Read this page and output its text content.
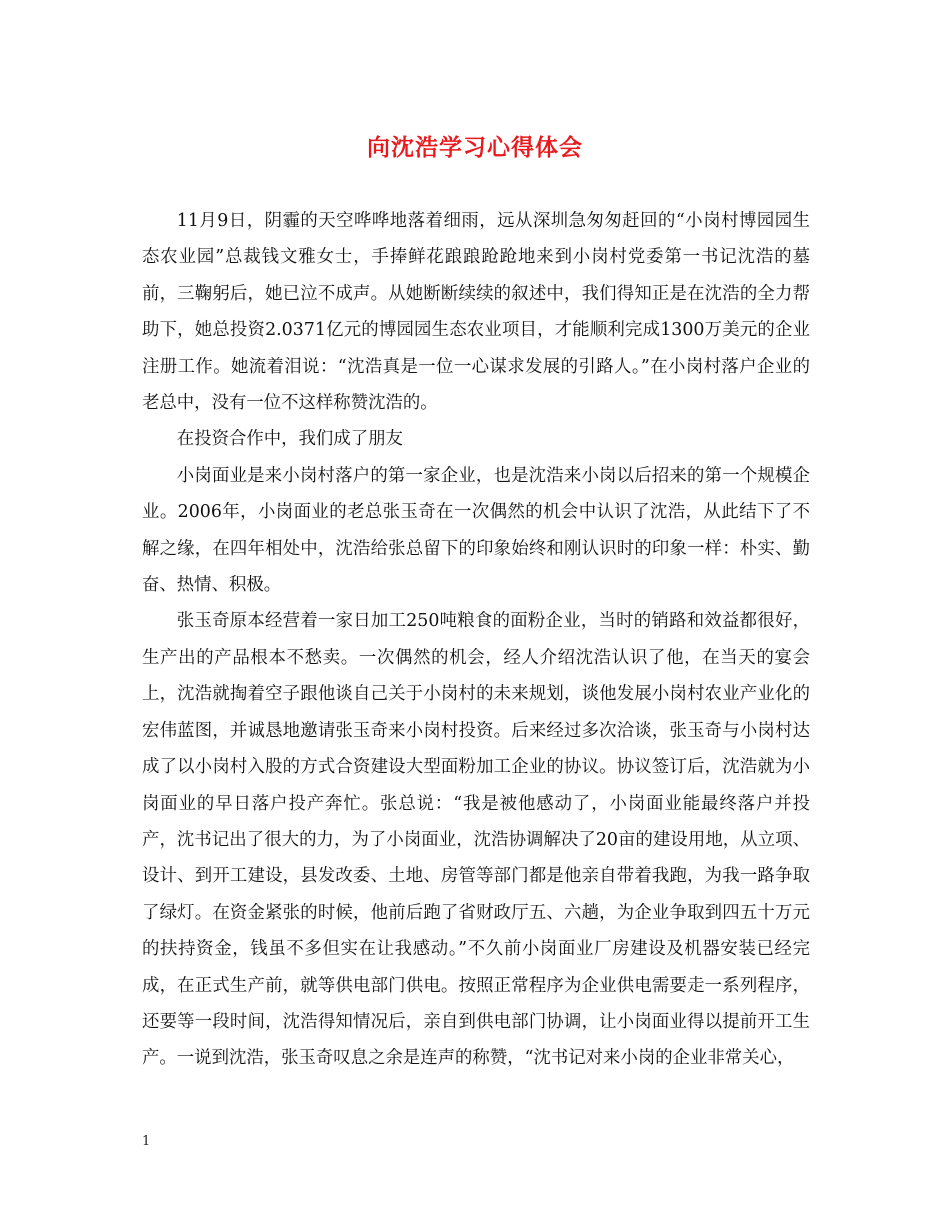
向沈浩学习心得体会

11月9日，阴霾的天空哗哗地落着细雨，远从深圳急匆匆赶回的“小岗村博园园生态农业园”总裁钱文雅女士，手捧鲜花踉踉跄跄地来到小岗村党委第一书记沈浩的墓前，三鞠躬后，她已泣不成声。从她断断续续的叙述中，我们得知正是在沈浩的全力帮助下，她总投资2.0371亿元的博园园生态农业项目，才能顺利完成1300万美元的企业注册工作。她流着泪说：“沈浩真是一位一心谋求发展的引路人。”在小岗村落户企业的老总中，没有一位不这样称赞沈浩的。

在投资合作中，我们成了朋友

小岗面业是来小岗村落户的第一家企业，也是沈浩来小岗以后招来的第一个规模企业。2006年，小岗面业的老总张玉奇在一次偶然的机会中认识了沈浩，从此结下了不解之缘，在四年相处中，沈浩给张总留下的印象始终和刚认识时的印象一样：朴实、勤奋、热情、积极。

张玉奇原本经营着一家日加工250吨粮食的面粉企业，当时的销路和效益都很好，生产出的产品根本不愁卖。一次偶然的机会，经人介绍沈浩认识了他，在当天的宴会上，沈浩就掏着空子跟他谈自己关于小岗村的未来规划，谈他发展小岗村农业产业化的宏伟蓝图，并诚恳地邀请张玉奇来小岗村投资。后来经过多次洽谈，张玉奇与小岗村达成了以小岗村入股的方式合资建设大型面粉加工企业的协议。协议签订后，沈浩就为小岗面业的早日落户投产奔忙。张总说：“我是被他感动了，小岗面业能最终落户并投产，沈书记出了很大的力，为了小岗面业，沈浩协调解决了20亩的建设用地，从立项、设计、到开工建设，县发改委、土地、房管等部门都是他亲自带着我跑，为我一路争取了绿灯。在资金紧张的时候，他前后跑了省财政厅五、六趟，为企业争取到四五十万元的扶持资金，钱虽不多但实在让我感动。”不久前小岗面业厂房建设及机器安装已经完成，在正式生产前，就等供电部门供电。按照正常程序为企业供电需要走一系列程序，还要等一段时间，沈浩得知情况后，亲自到供电部门协调，让小岗面业得以提前开工生产。一说到沈浩，张玉奇叹息之余是连声的称赞，“沈书记对来小岗的企业非常关心，

1
